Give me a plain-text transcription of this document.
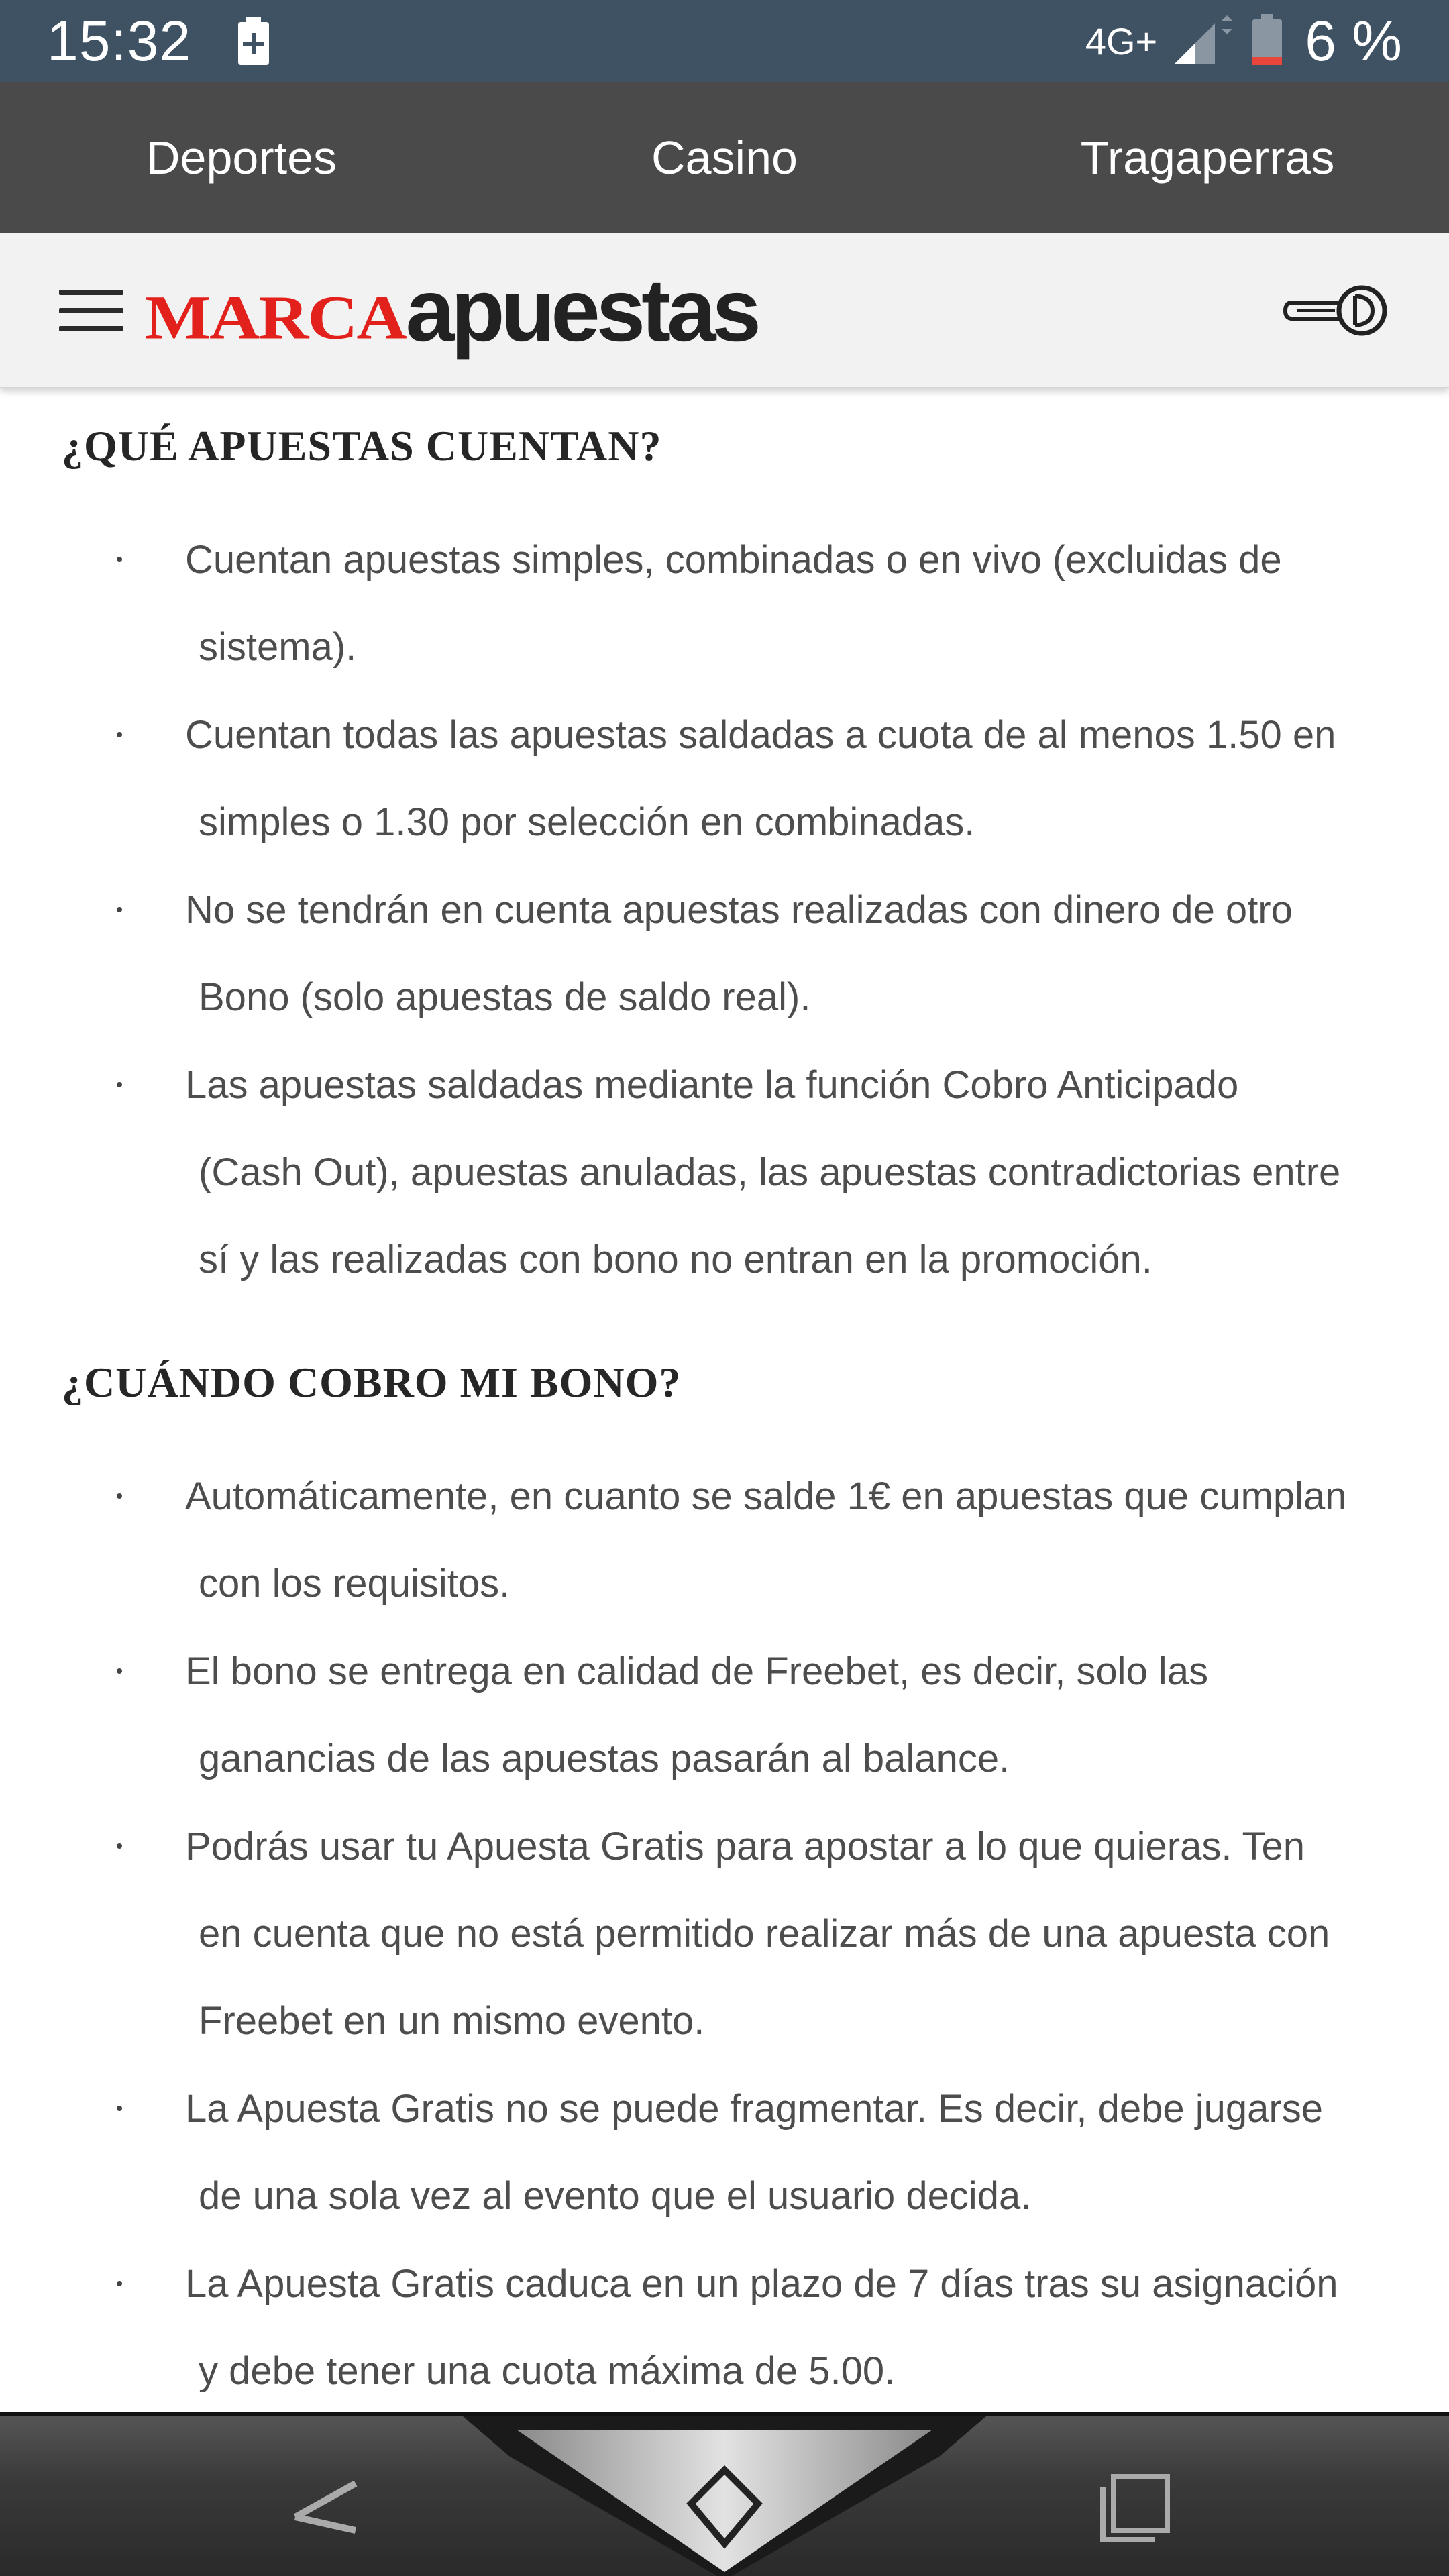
15:32	4G+	6 %
Deportes	Casino	Tragaperras
MARCA apuestas
¿QUÉ APUESTAS CUENTAN?
Cuentan apuestas simples, combinadas o en vivo (excluidas de
sistema).
Cuentan todas las apuestas saldadas a cuota de al menos 1.50 en
simples o 1.30 por selección en combinadas.
No se tendrán en cuenta apuestas realizadas con dinero de otro
Bono (solo apuestas de saldo real).
Las apuestas saldadas mediante la función Cobro Anticipado
(Cash Out), apuestas anuladas, las apuestas contradictorias entre
sí y las realizadas con bono no entran en la promoción.
¿CUÁNDO COBRO MI BONO?
Automáticamente, en cuanto se salde 1€ en apuestas que cumplan
con los requisitos.
El bono se entrega en calidad de Freebet, es decir, solo las
ganancias de las apuestas pasarán al balance.
Podrás usar tu Apuesta Gratis para apostar a lo que quieras. Ten
en cuenta que no está permitido realizar más de una apuesta con
Freebet en un mismo evento.
La Apuesta Gratis no se puede fragmentar. Es decir, debe jugarse
de una sola vez al evento que el usuario decida.
La Apuesta Gratis caduca en un plazo de 7 días tras su asignación
y debe tener una cuota máxima de 5.00.
